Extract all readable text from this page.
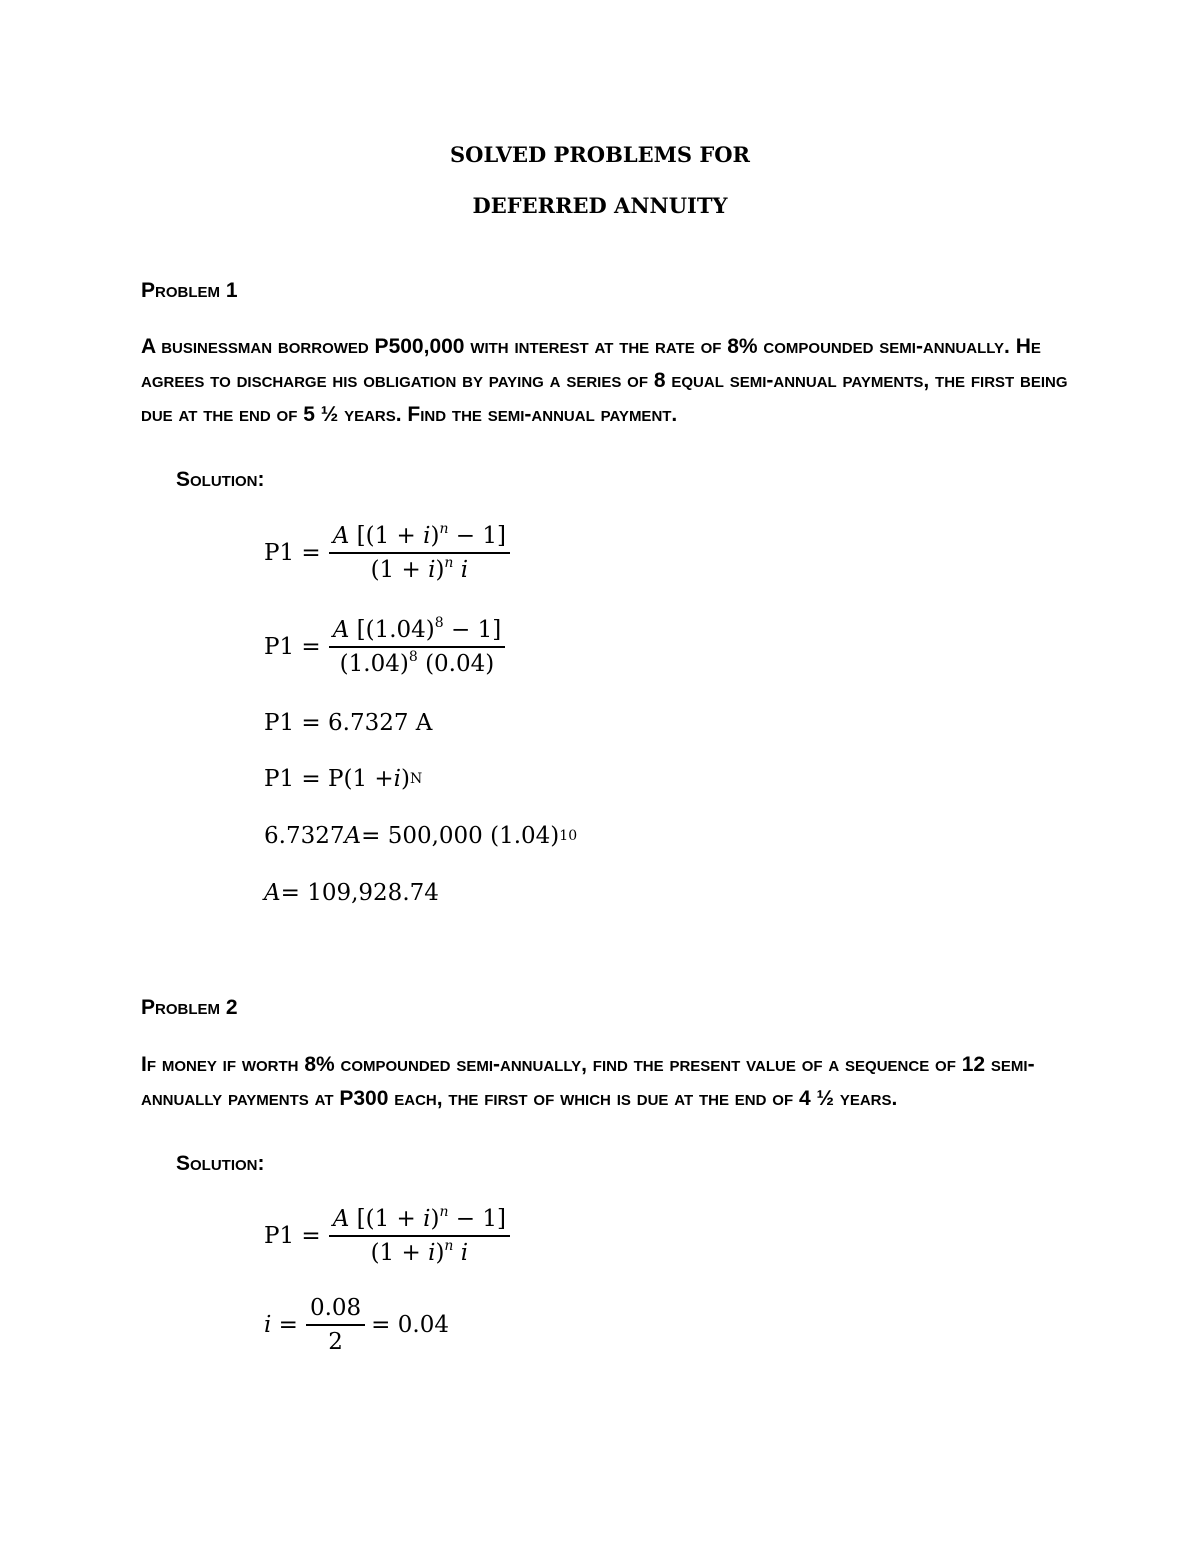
SOLVED PROBLEMS FOR
DEFERRED ANNUITY
Problem 1

A businessman borrowed P500,000 with interest at the rate of 8% compounded semi-annually. He agrees to discharge his obligation by paying a series of 8 equal semi-annual payments, the first being due at the end of 5 ½ years. Find the semi-annual payment.

Solution:
$P1 = \frac{A [(1 + i)^n - 1]}{(1 + i)^n i}$
$P1 = \frac{A [(1.04)^8 - 1]}{(1.04)^8 (0.04)}$
P1 = 6.7327 A
P1 = P(1 + i ) N
6.7327 A = 500,000 (1.04) 10
A = 109,928.74
Problem 2

If money if worth 8% compounded semi-annually, find the present value of a sequence of 12 semi-annually payments at P300 each, the first of which is due at the end of 4 ½ years.

Solution:
$P1 = \frac{A [(1 + i)^n - 1]}{(1 + i)^n i}$
$i = \frac{0.08}{2} = 0.04$
